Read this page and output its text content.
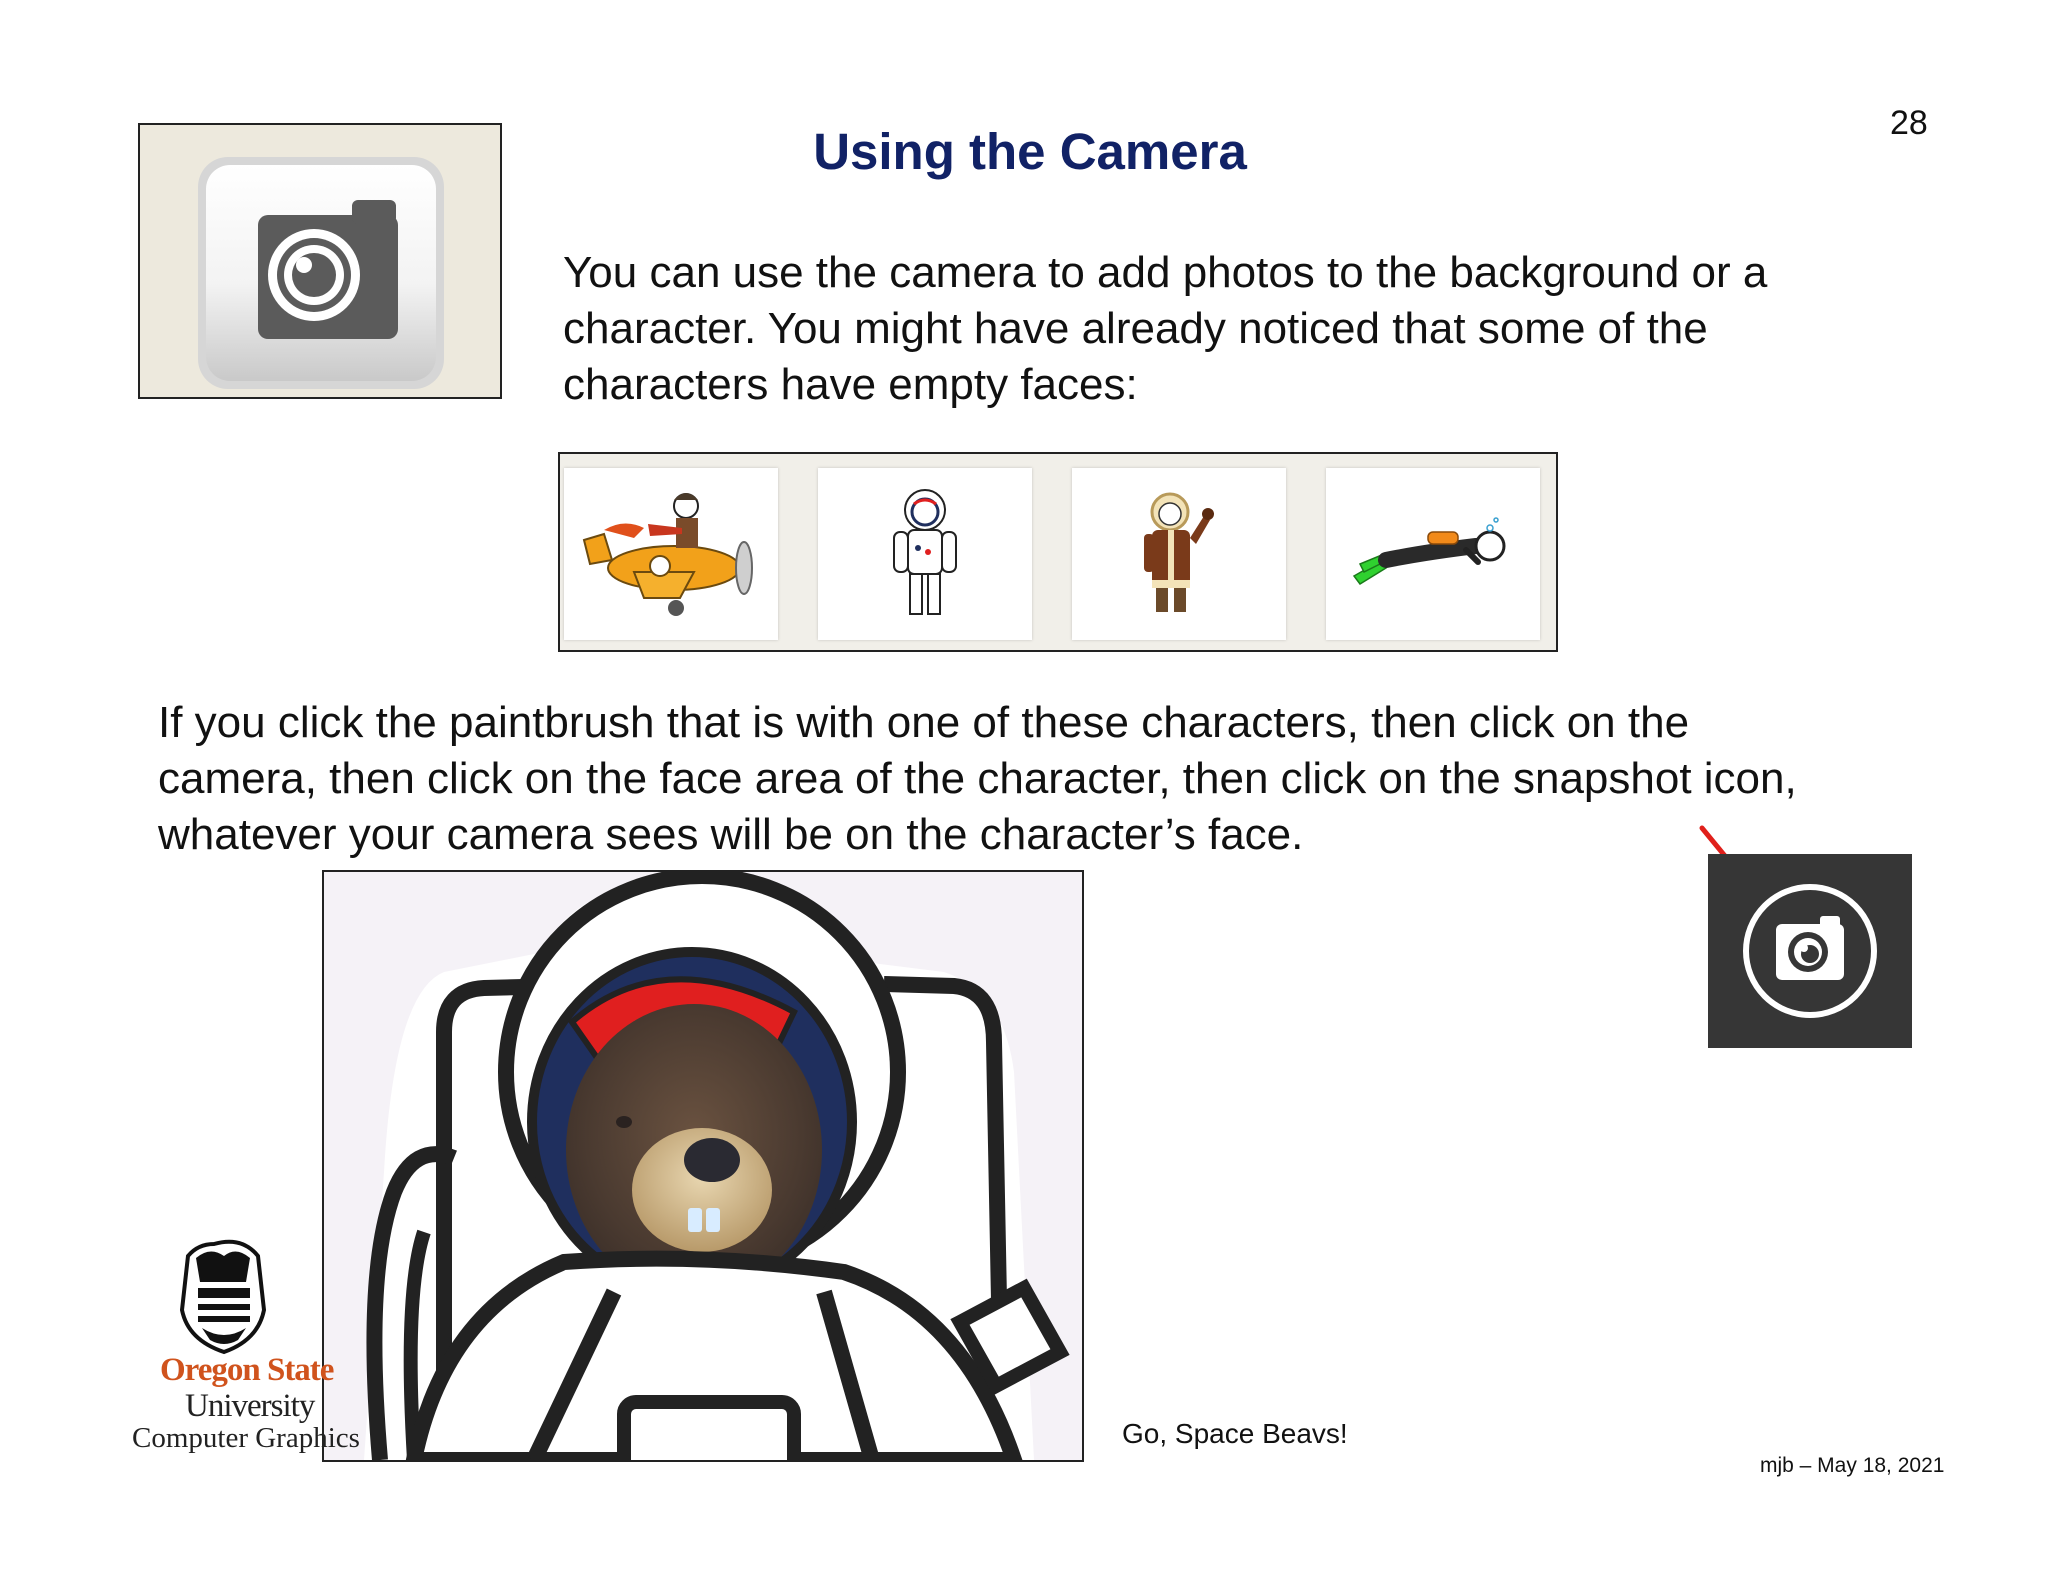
28
Using the Camera
You can use the camera to add photos to the background or a character. You might have already noticed that some of the characters have empty faces:
If you click the paintbrush that is with one of these characters, then click on the camera, then click on the face area of the character, then click on the snapshot icon, whatever your camera sees will be on the character’s face.
Go, Space Beavs!
Oregon State
University
Computer Graphics
mjb – May 18, 2021
